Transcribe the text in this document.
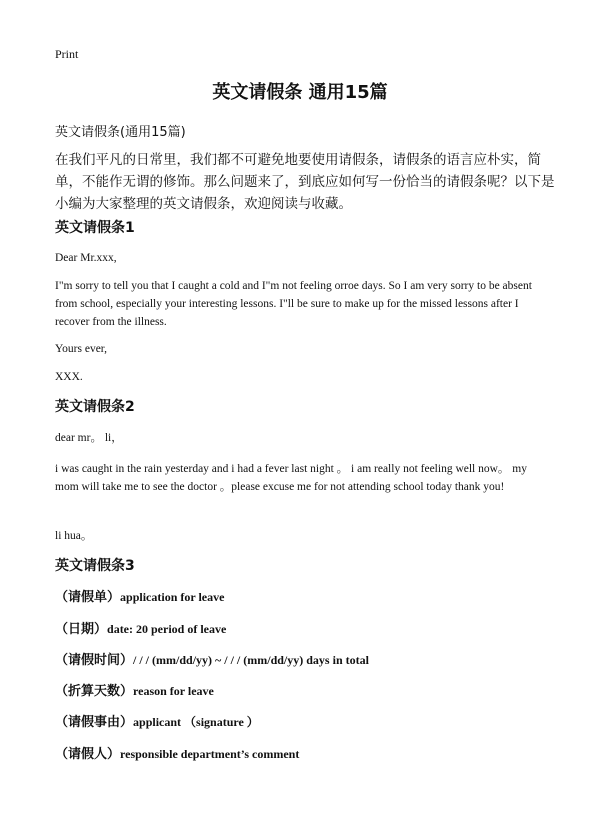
Print
英文请假条 通用15篇
英文请假条(通用15篇)

在我们平凡的日常里，我们都不可避免地要使用请假条，请假条的语言应朴实，简单，不能作无谓的修饰。那么问题来了，到底应如何写一份恰当的请假条呢？以下是小编为大家整理的英文请假条，欢迎阅读与收藏。

英文请假条1

Dear Mr.xxx,

I"m sorry to tell you that I caught a cold and I"m not feeling orroe days. So I am very sorry to be absent from school, especially your interesting lessons. I"ll be sure to make up for the missed lessons after I recover from the illness.

Yours ever,

XXX.

英文请假条2

dear mr。 li，

i was caught in the rain yesterday and i had a fever last night 。 i am really not feeling well now。 my mom will take me to see the doctor 。please excuse me for not attending school today thank you!

li hua。

英文请假条3

（请假单）application for leave

（日期）date: 20 period of leave

（请假时间）/ / / (mm/dd/yy) ~ / / / (mm/dd/yy) days in total

（折算天数）reason for leave

（请假事由）applicant （signature ）

（请假人）responsible department’s comment
